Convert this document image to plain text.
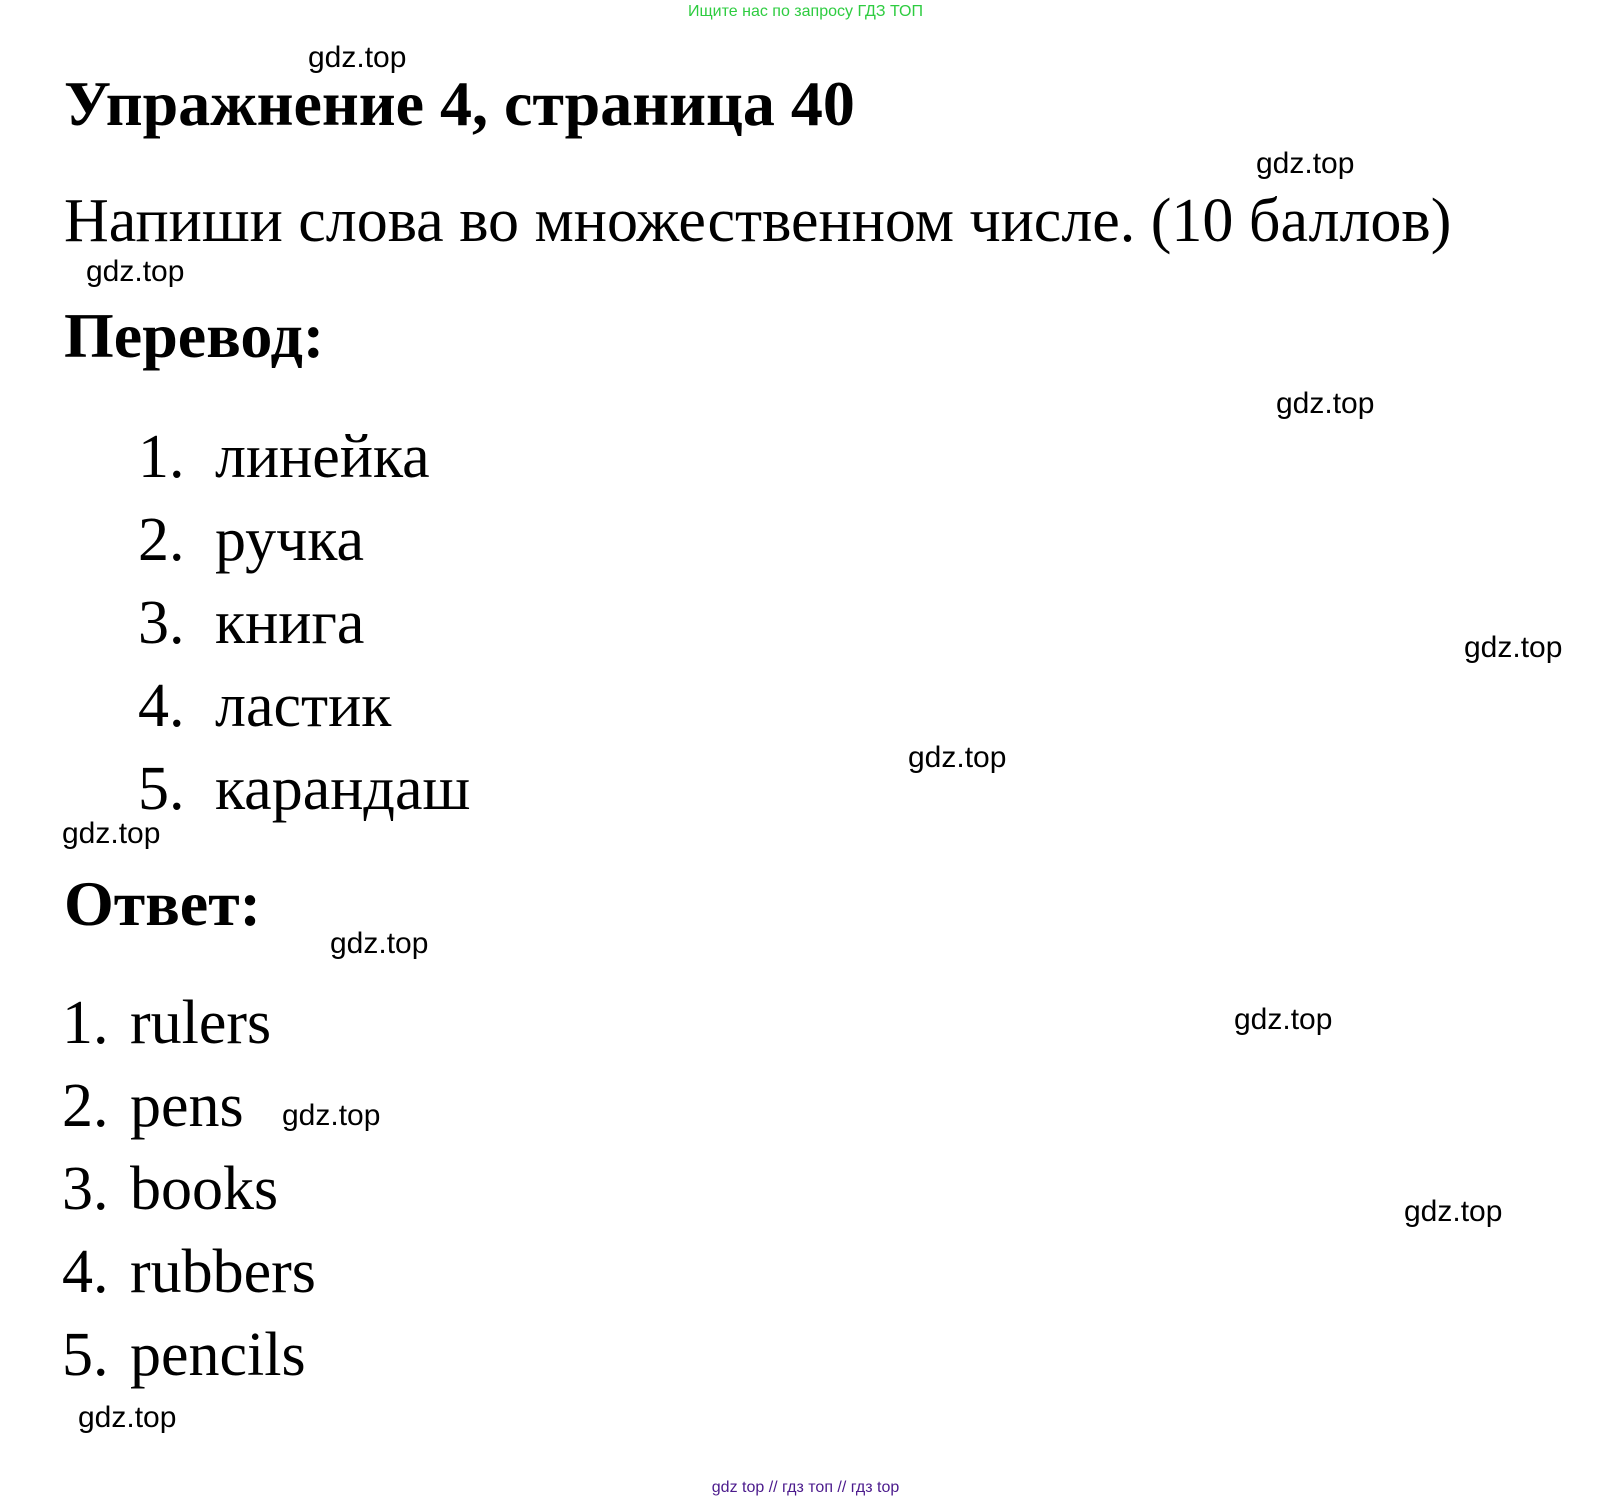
Ищите нас по запросу ГДЗ ТОП
Упражнение 4, страница 40

Напиши слова во множественном числе. (10 баллов)

Перевод:
1. линейка
2. ручка
3. книга
4. ластик
5. карандаш
Ответ:
1. rulers
2. pens
3. books
4. rubbers
5. pencils
gdz.top
gdz.top
gdz.top
gdz.top
gdz.top
gdz.top
gdz.top
gdz.top
gdz.top
gdz.top
gdz.top
gdz.top
gdz top // гдз топ // гдз top
